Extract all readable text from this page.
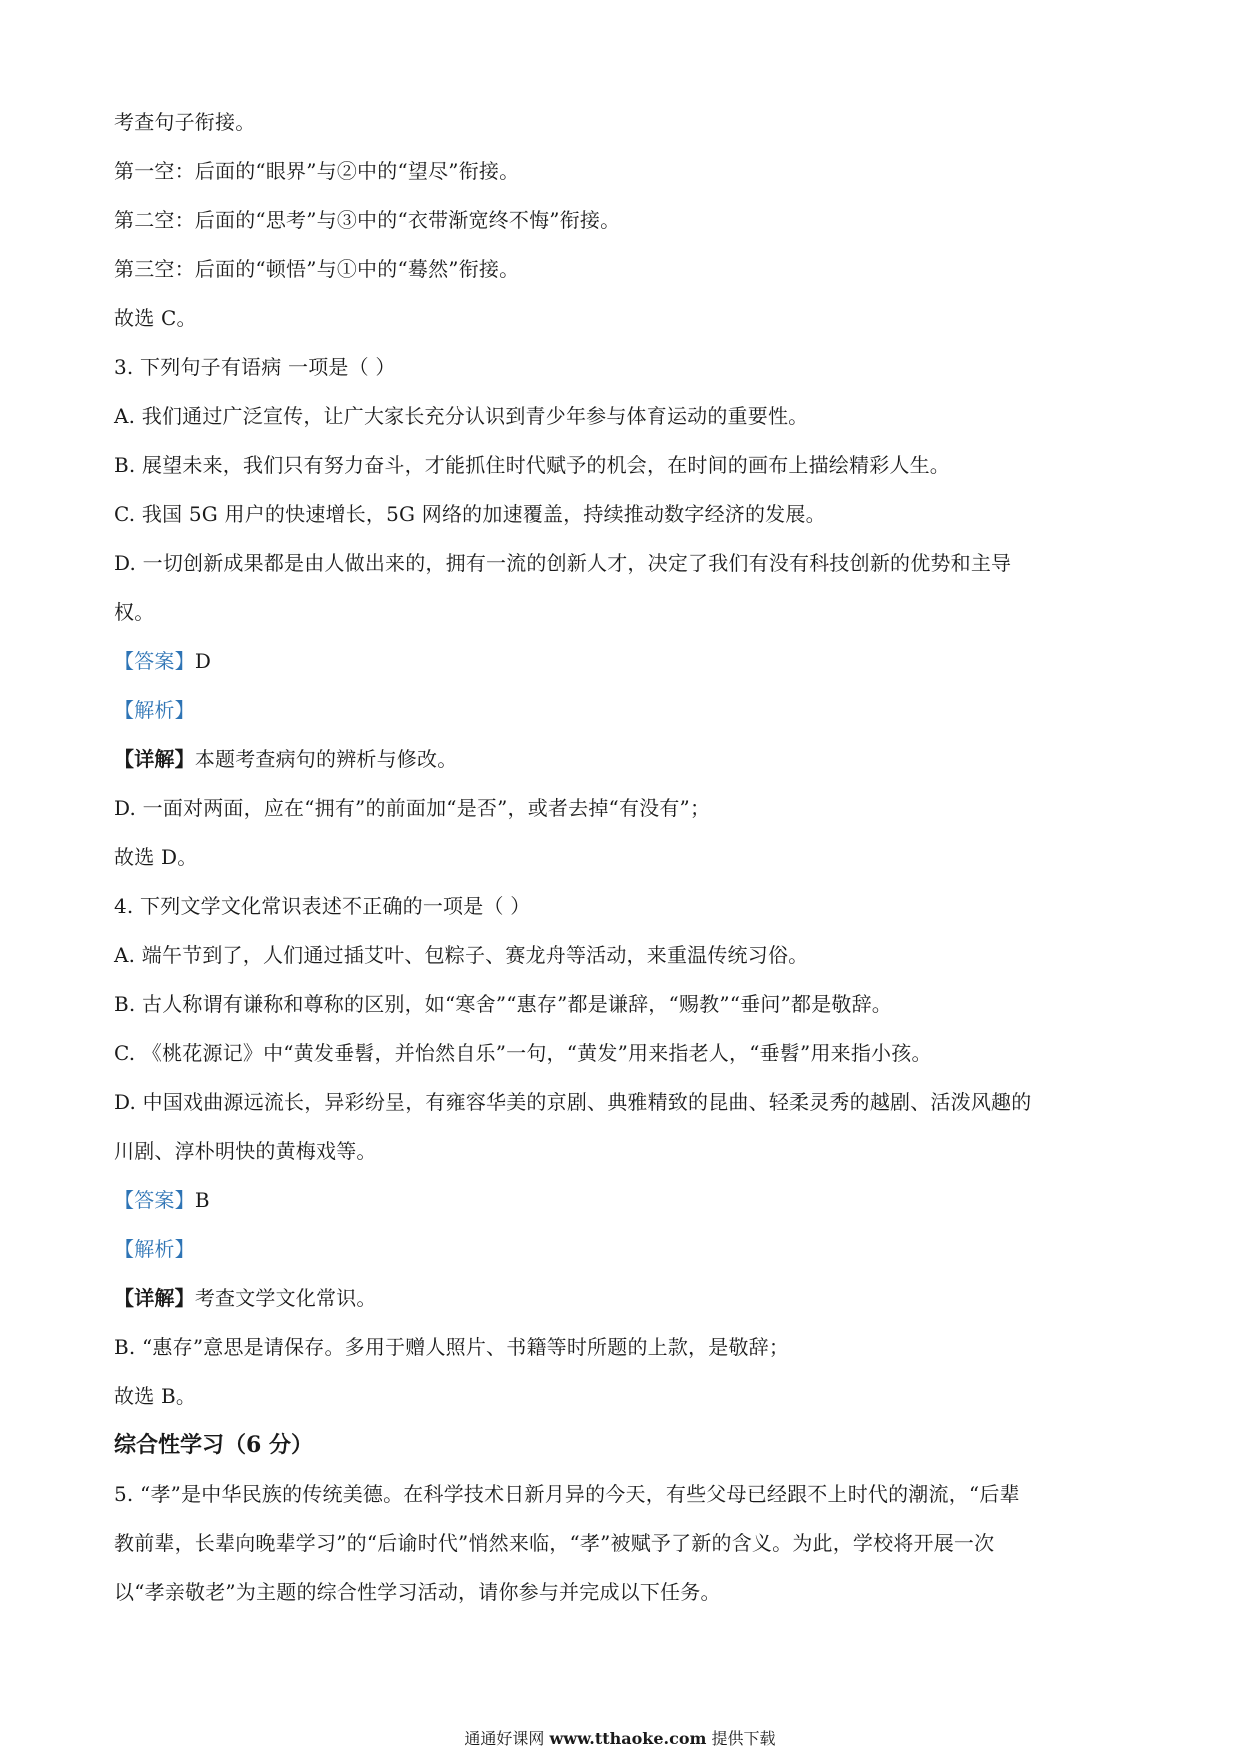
考查句子衔接。
第一空：后面的“眼界”与②中的“望尽”衔接。
第二空：后面的“思考”与③中的“衣带渐宽终不悔”衔接。
第三空：后面的“顿悟”与①中的“蓦然”衔接。
故选 C。
3. 下列句子有语病 一项是（ ）
A. 我们通过广泛宣传，让广大家长充分认识到青少年参与体育运动的重要性。
B. 展望未来，我们只有努力奋斗，才能抓住时代赋予的机会，在时间的画布上描绘精彩人生。
C. 我国 5G 用户的快速增长，5G 网络的加速覆盖，持续推动数字经济的发展。
D. 一切创新成果都是由人做出来的，拥有一流的创新人才，决定了我们有没有科技创新的优势和主导
权。
【答案】D
【解析】
【详解】本题考查病句的辨析与修改。
D. 一面对两面，应在“拥有”的前面加“是否”，或者去掉“有没有”；
故选 D。
4. 下列文学文化常识表述不正确的一项是（ ）
A. 端午节到了，人们通过插艾叶、包粽子、赛龙舟等活动，来重温传统习俗。
B. 古人称谓有谦称和尊称的区别，如“寒舍”“惠存”都是谦辞，“赐教”“垂问”都是敬辞。
C. 《桃花源记》中“黄发垂髫，并怡然自乐”一句，“黄发”用来指老人，“垂髫”用来指小孩。
D. 中国戏曲源远流长，异彩纷呈，有雍容华美的京剧、典雅精致的昆曲、轻柔灵秀的越剧、活泼风趣的
川剧、淳朴明快的黄梅戏等。
【答案】B
【解析】
【详解】考查文学文化常识。
B. “惠存”意思是请保存。多用于赠人照片、书籍等时所题的上款，是敬辞；
故选 B。
综合性学习（6 分）
5. “孝”是中华民族的传统美德。在科学技术日新月异的今天，有些父母已经跟不上时代的潮流，“后辈
教前辈，长辈向晚辈学习”的“后谕时代”悄然来临，“孝”被赋予了新的含义。为此，学校将开展一次
以“孝亲敬老”为主题的综合性学习活动，请你参与并完成以下任务。
通通好课网 www.tthaoke.com 提供下载
